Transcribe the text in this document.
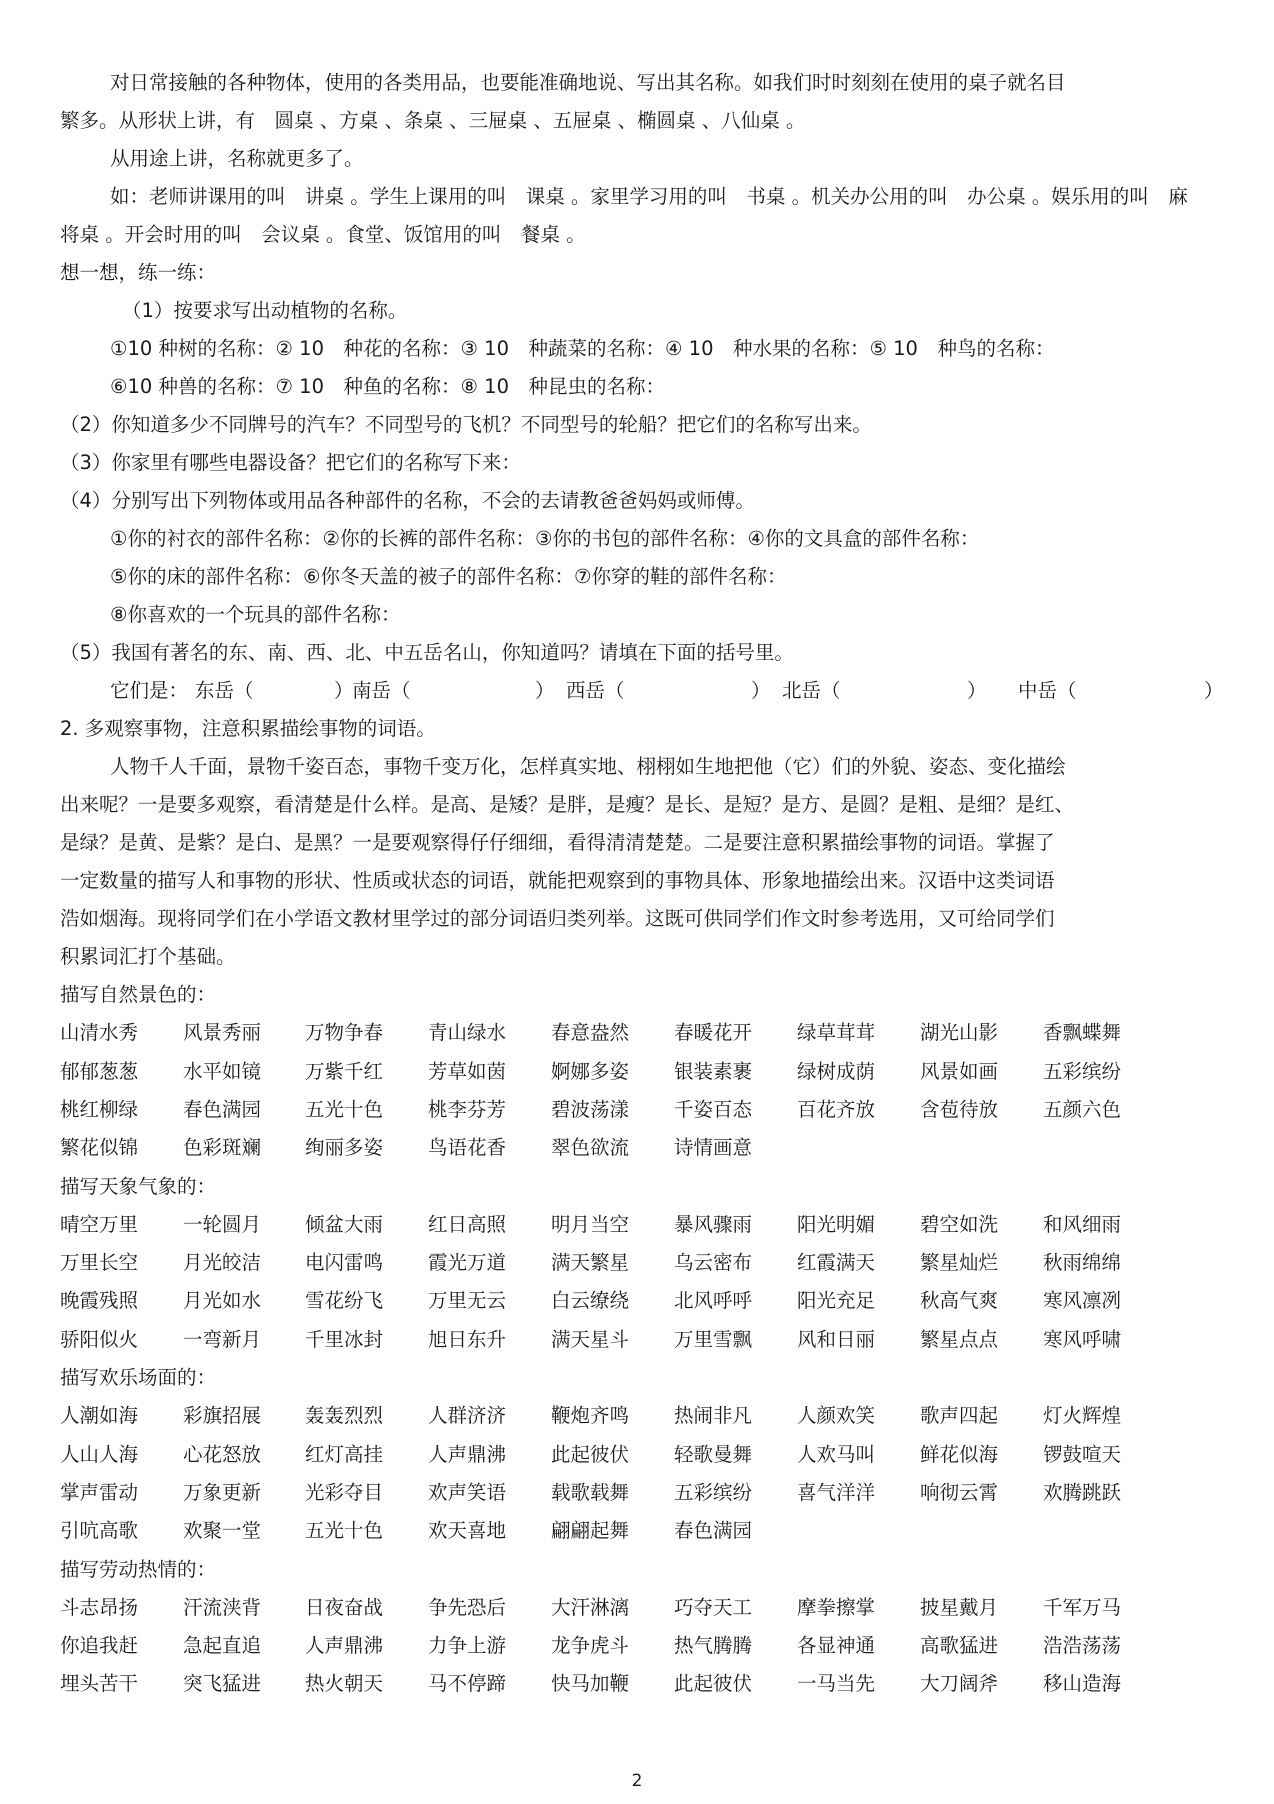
对日常接触的各种物体，使用的各类用品，也要能准确地说、写出其名称。如我们时时刻刻在使用的桌子就名目
繁多。从形状上讲，有　圆桌 、方桌 、条桌 、三屉桌 、五屉桌 、椭圆桌 、八仙桌 。
从用途上讲，名称就更多了。
如：老师讲课用的叫　讲桌 。学生上课用的叫　课桌 。家里学习用的叫　书桌 。机关办公用的叫　办公桌 。娱乐用的叫　麻
将桌 。开会时用的叫　会议桌 。食堂、饭馆用的叫　餐桌 。
想一想，练一练：
（1）按要求写出动植物的名称。
①10 种树的名称：② 10　种花的名称：③ 10　种蔬菜的名称：④ 10　种水果的名称：⑤ 10　种鸟的名称：
⑥10 种兽的名称：⑦ 10　种鱼的名称：⑧ 10　种昆虫的名称：
（2）你知道多少不同牌号的汽车？不同型号的飞机？不同型号的轮船？把它们的名称写出来。
（3）你家里有哪些电器设备？把它们的名称写下来：
（4）分别写出下列物体或用品各种部件的名称，不会的去请教爸爸妈妈或师傅。
①你的衬衣的部件名称：②你的长裤的部件名称：③你的书包的部件名称：④你的文具盒的部件名称：
⑤你的床的部件名称：⑥你冬天盖的被子的部件名称：⑦你穿的鞋的部件名称：
⑧你喜欢的一个玩具的部件名称：
（5）我国有著名的东、南、西、北、中五岳名山，你知道吗？请填在下面的括号里。
它们是： 东岳（	）
南岳（	） 西岳（	） 北岳（	） 中岳（	）
2. 多观察事物，注意积累描绘事物的词语。
人物千人千面，景物千姿百态，事物千变万化，怎样真实地、栩栩如生地把他（它）们的外貌、姿态、变化描绘
出来呢？一是要多观察，看清楚是什么样。是高、是矮？是胖，是瘦？是长、是短？是方、是圆？是粗、是细？是红、
是绿？是黄、是紫？是白、是黑？一是要观察得仔仔细细，看得清清楚楚。二是要注意积累描绘事物的词语。掌握了
一定数量的描写人和事物的形状、性质或状态的词语，就能把观察到的事物具体、形象地描绘出来。汉语中这类词语
浩如烟海。现将同学们在小学语文教材里学过的部分词语归类列举。这既可供同学们作文时参考选用，又可给同学们
积累词汇打个基础。
描写自然景色的：
山清水秀 风景秀丽 万物争春 青山绿水 春意盎然 春暖花开 绿草茸茸 湖光山影 香飘蝶舞
郁郁葱葱 水平如镜 万紫千红 芳草如茵 婀娜多姿 银装素裹 绿树成荫 风景如画 五彩缤纷
桃红柳绿 春色满园 五光十色 桃李芬芳 碧波荡漾 千姿百态 百花齐放 含苞待放 五颜六色
繁花似锦 色彩斑斓 绚丽多姿 鸟语花香 翠色欲流 诗情画意
描写天象气象的：
晴空万里 一轮圆月 倾盆大雨 红日高照 明月当空 暴风骤雨 阳光明媚 碧空如洗 和风细雨
万里长空 月光皎洁 电闪雷鸣 霞光万道 满天繁星 乌云密布 红霞满天 繁星灿烂 秋雨绵绵
晚霞残照 月光如水 雪花纷飞 万里无云 白云缭绕 北风呼呼 阳光充足 秋高气爽 寒风凛冽
骄阳似火 一弯新月 千里冰封 旭日东升 满天星斗 万里雪飘 风和日丽 繁星点点 寒风呼啸
描写欢乐场面的：
人潮如海 彩旗招展 轰轰烈烈 人群济济 鞭炮齐鸣 热闹非凡 人颜欢笑 歌声四起 灯火辉煌
人山人海 心花怒放 红灯高挂 人声鼎沸 此起彼伏 轻歌曼舞 人欢马叫 鲜花似海 锣鼓喧天
掌声雷动 万象更新 光彩夺目 欢声笑语 载歌载舞 五彩缤纷 喜气洋洋 响彻云霄 欢腾跳跃
引吭高歌 欢聚一堂 五光十色 欢天喜地 翩翩起舞 春色满园
描写劳动热情的：
斗志昂扬 汗流浃背 日夜奋战 争先恐后 大汗淋漓 巧夺天工 摩拳擦掌 披星戴月 千军万马
你追我赶 急起直追 人声鼎沸 力争上游 龙争虎斗 热气腾腾 各显神通 高歌猛进 浩浩荡荡
埋头苦干 突飞猛进 热火朝天 马不停蹄 快马加鞭 此起彼伏 一马当先 大刀阔斧 移山造海
2
